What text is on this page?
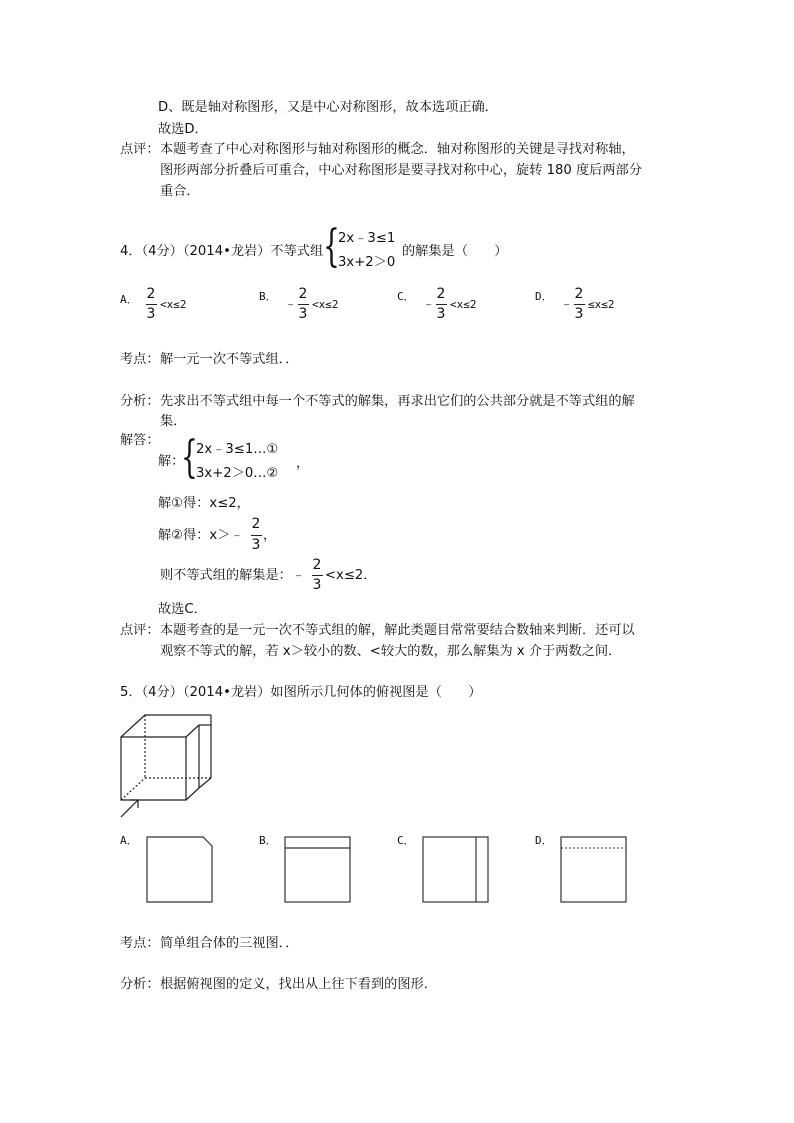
D、既是轴对称图形，又是中心对称图形，故本选项正确．
故选D．
点评： 本题考查了中心对称图形与轴对称图形的概念．轴对称图形的关键是寻找对称轴，
图形两部分折叠后可重合，中心对称图形是要寻找对称中心，旋转 180 度后两部分
重合．
4．（4分）（2014•龙岩）不等式组 {
2x﹣3≤1
3x+2＞0
的解集是（　　）
A． 2
3
<x≤2
B．
﹣
2
3
<x≤2
C．
﹣
2
3
<x≤2
D．
﹣
2
3
≤x≤2
考点： 解一元一次不等式组．．
分析： 先求出不等式组中每一个不等式的解集，再求出它们的公共部分就是不等式组的解
集．
解答：
解：
{
2x﹣3≤1…①
3x+2＞0…②
，
解①得：x≤2，
解②得：x＞﹣
2
3
，
则不等式组的解集是：﹣
2
3
<x≤2．
故选C．
点评： 本题考查的是一元一次不等式组的解，解此类题目常常要结合数轴来判断．还可以
观察不等式的解，若 x＞较小的数、<较大的数，那么解集为 x 介于两数之间．
5．（4分）（2014•龙岩）如图所示几何体的俯视图是（　　）
A．	B．	C．	D．
考点： 简单组合体的三视图．．
分析： 根据俯视图的定义，找出从上往下看到的图形．
